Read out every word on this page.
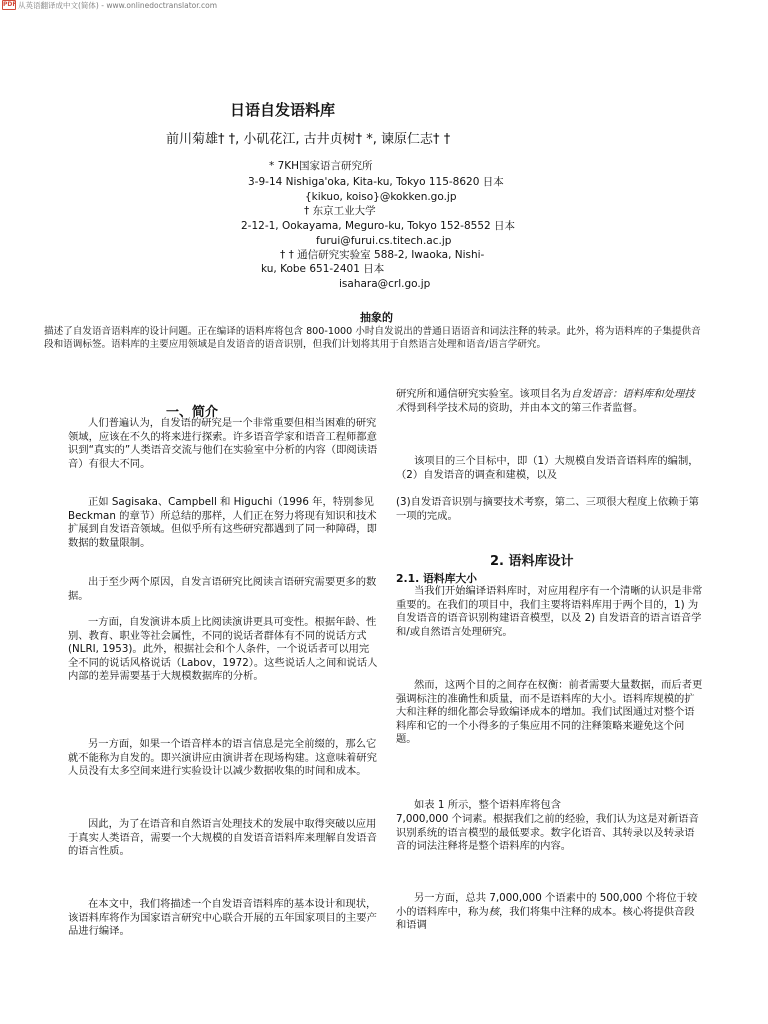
PDF 从英语翻译成中文(简体) - www.onlinedoctranslator.com
日语自发语料库
前川菊雄† †, 小矶花江, 古井贞树† *, 谏原仁志† †
* 7KH国家语言研究所
3-9-14 Nishiga'oka, Kita-ku, Tokyo 115-8620 日本
{kikuo, koiso}@kokken.go.jp
† 东京工业大学
2-12-1, Ookayama, Meguro-ku, Tokyo 152-8552 日本
furui@furui.cs.titech.ac.jp
† † 通信研究实验室 588-2, Iwaoka, Nishi-
ku, Kobe 651-2401 日本
isahara@crl.go.jp
抽象的
描述了自发语音语料库的设计问题。正在编译的语料库将包含 800-1000 小时自发说出的普通日语语音和词法注释的转录。此外，将为语料库的子集提供音段和语调标签。语料库的主要应用领域是自发语音的语音识别，但我们计划将其用于自然语言处理和语音/语言学研究。
一、简介
人们普遍认为，自发语的研究是一个非常重要但相当困难的研究领域，应该在不久的将来进行探索。许多语音学家和语音工程师都意识到“真实的”人类语音交流与他们在实验室中分析的内容（即阅读语音）有很大不同。
正如 Sagisaka、Campbell 和 Higuchi（1996 年，特别参见 Beckman 的章节）所总结的那样，人们正在努力将现有知识和技术扩展到自发语音领域。但似乎所有这些研究都遇到了同一种障碍，即数据的数量限制。
出于至少两个原因，自发言语研究比阅读言语研究需要更多的数据。
一方面，自发演讲本质上比阅读演讲更具可变性。根据年龄、性别、教育、职业等社会属性，不同的说话者群体有不同的说话方式 (NLRI, 1953)。此外，根据社会和个人条件，一个说话者可以用完全不同的说话风格说话（Labov，1972）。这些说话人之间和说话人内部的差异需要基于大规模数据库的分析。
另一方面，如果一个语音样本的语言信息是完全前缀的，那么它就不能称为自发的。即兴演讲应由演讲者在现场构建。这意味着研究人员没有太多空间来进行实验设计以减少数据收集的时间和成本。
因此，为了在语音和自然语言处理技术的发展中取得突破以应用于真实人类语音，需要一个大规模的自发语音语料库来理解自发语音的语言性质。
在本文中，我们将描述一个自发语音语料库的基本设计和现状，该语料库将作为国家语言研究中心联合开展的五年国家项目的主要产品进行编译。
研究所和通信研究实验室。该项目名为自发语音：语料库和处理技术得到科学技术局的资助，并由本文的第三作者监督。
该项目的三个目标中，即（1）大规模自发语音语料库的编制，（2）自发语音的调查和建模，以及
(3)自发语音识别与摘要技术考察，第二、三项很大程度上依赖于第一项的完成。
2. 语料库设计
2.1. 语料库大小
当我们开始编译语料库时，对应用程序有一个清晰的认识是非常重要的。在我们的项目中，我们主要将语料库用于两个目的，1) 为自发语音的语音识别构建语音模型，以及 2) 自发语音的语言语音学和/或自然语言处理研究。
然而，这两个目的之间存在权衡：前者需要大量数据，而后者更强调标注的准确性和质量，而不是语料库的大小。语料库规模的扩大和注释的细化都会导致编译成本的增加。我们试图通过对整个语料库和它的一个小得多的子集应用不同的注释策略来避免这个问题。
如表 1 所示，整个语料库将包含
7,000,000 个词素。根据我们之前的经验，我们认为这是对新语音识别系统的语言模型的最低要求。数字化语音、其转录以及转录语音的词法注释将是整个语料库的内容。
另一方面，总共 7,000,000 个语素中的 500,000 个将位于较小的语料库中，称为核，我们将集中注释的成本。核心将提供音段和语调
